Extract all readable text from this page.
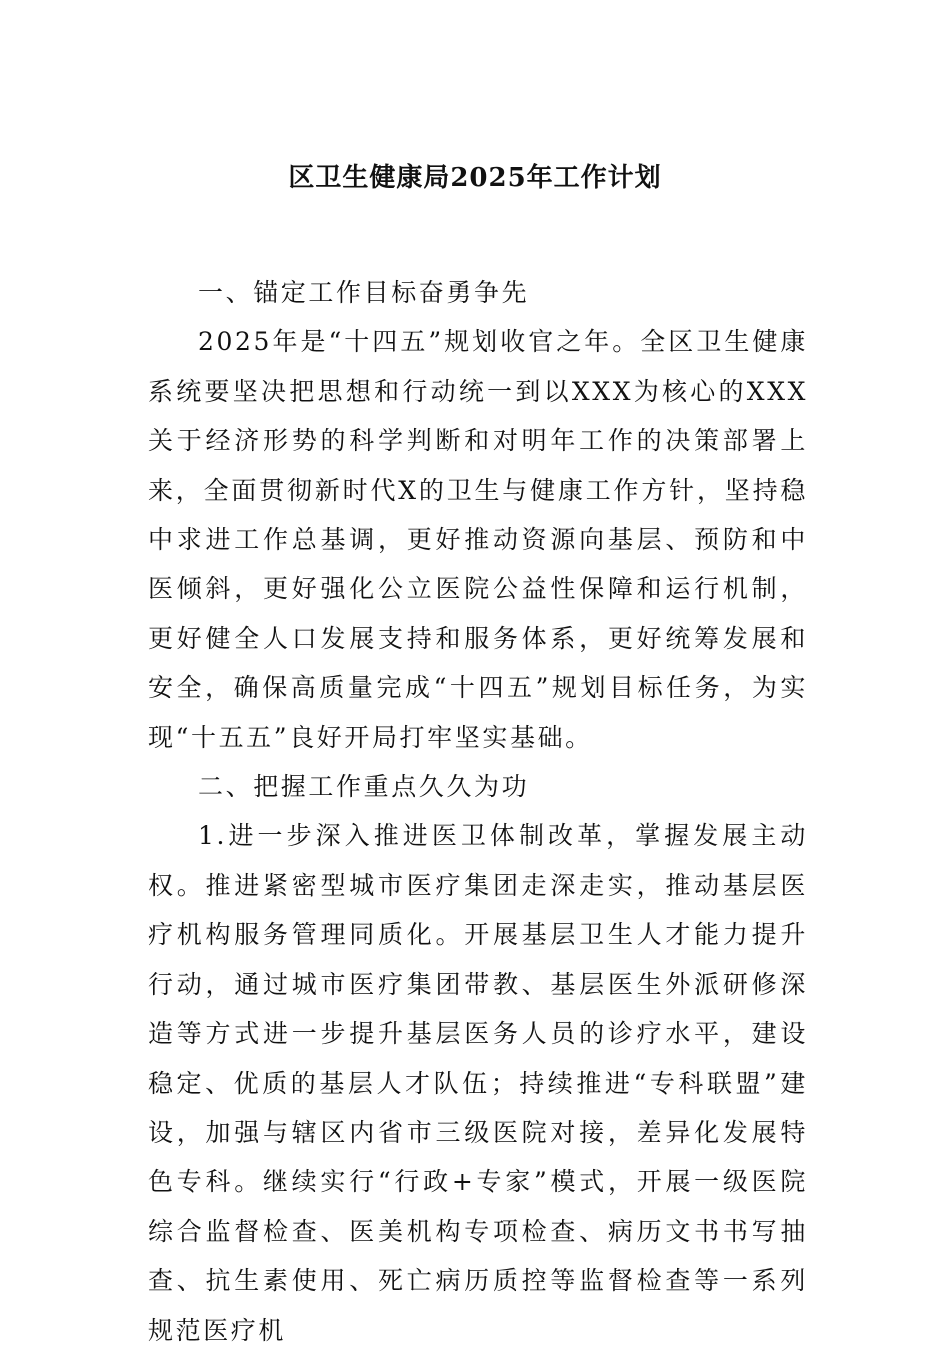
区卫生健康局2025年工作计划

一、锚定工作目标奋勇争先

2025年是“十四五”规划收官之年。全区卫生健康系统要坚决把思想和行动统一到以XXX为核心的XXX关于经济形势的科学判断和对明年工作的决策部署上来，全面贯彻新时代X的卫生与健康工作方针，坚持稳中求进工作总基调，更好推动资源向基层、预防和中医倾斜，更好强化公立医院公益性保障和运行机制，更好健全人口发展支持和服务体系，更好统筹发展和安全，确保高质量完成“十四五”规划目标任务，为实现“十五五”良好开局打牢坚实基础。

二、把握工作重点久久为功

1.进一步深入推进医卫体制改革，掌握发展主动权。推进紧密型城市医疗集团走深走实，推动基层医疗机构服务管理同质化。开展基层卫生人才能力提升行动，通过城市医疗集团带教、基层医生外派研修深造等方式进一步提升基层医务人员的诊疗水平，建设稳定、优质的基层人才队伍；持续推进“专科联盟”建设，加强与辖区内省市三级医院对接，差异化发展特色专科。继续实行“行政+专家”模式，开展一级医院综合监督检查、医美机构专项检查、病历文书书写抽查、抗生素使用、死亡病历质控等监督检查等一系列规范医疗机
